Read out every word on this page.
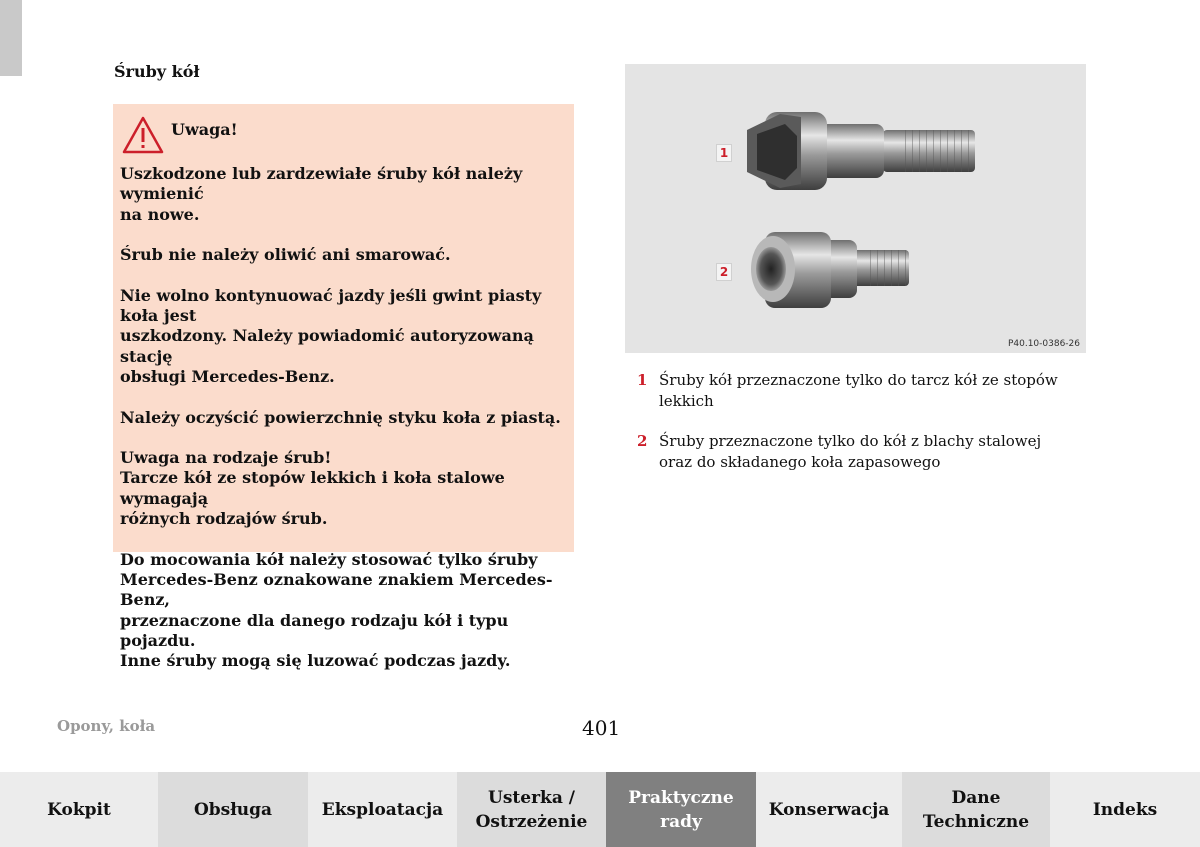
Śruby kół
Uwaga!

Uszkodzone lub zardzewiałe śruby kół należy wymienić
na nowe.

Śrub nie należy oliwić ani smarować.

Nie wolno kontynuować jazdy jeśli gwint piasty koła jest
uszkodzony. Należy powiadomić autoryzowaną stację
obsługi Mercedes-Benz.

Należy oczyścić powierzchnię styku koła z piastą.

Uwaga na rodzaje śrub!
Tarcze kół ze stopów lekkich i koła stalowe wymagają
różnych rodzajów śrub.

Do mocowania kół należy stosować tylko śruby
Mercedes-Benz oznakowane znakiem Mercedes-Benz,
przeznaczone dla danego rodzaju kół i typu pojazdu.
Inne śruby mogą się luzować podczas jazdy.

1
2
P40.10-0386-26
1 Śruby kół przeznaczone tylko do tarcz kół ze stopów
lekkich
2 Śruby przeznaczone tylko do kół z blachy stalowej
oraz do składanego koła zapasowego
Opony, koła	401
Kokpit	Obsługa	Eksploatacja
Usterka /
Ostrzeżenie
Praktyczne
rady
Konserwacja
Dane
Techniczne
Indeks
